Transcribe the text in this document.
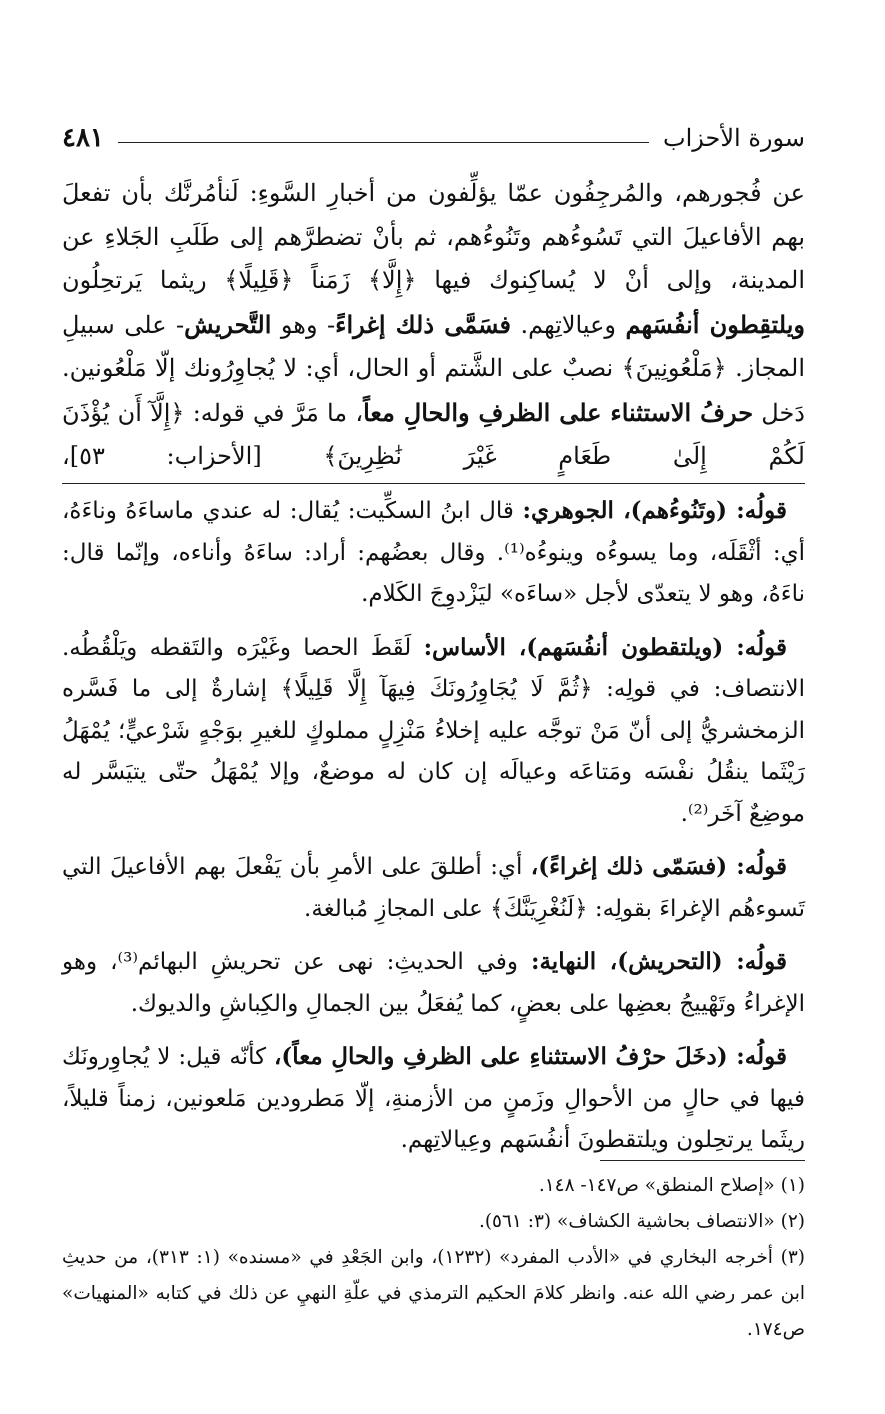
سورة الأحزاب
٤٨١

عن فُجورهم، والمُرجِفُون عمّا يؤلِّفون من أخبارِ السَّوءِ: لَنأمُرنَّك بأن تفعلَ بهم الأفاعيلَ التي تَسُوءُهم وتَنُوءُهم، ثم بأنْ تضطرَّهم إلى طَلَبِ الجَلاءِ عن المدينة، وإلى أنْ لا يُساكِنوك فيها ﴿إِلَّا﴾ زَمَناً ﴿قَلِيلًا﴾ ريثما يَرتحِلُون ويلتقِطون أنفُسَهم وعيالاتِهم. فسَمَّى ذلك إغراءً- وهو التَّحريش- على سبيلِ المجاز. ﴿مَلْعُونِينَ﴾ نصبٌ على الشَّتم أو الحال، أي: لا يُجاوِرُونك إلّا مَلْعُونين. دَخل حرفُ الاستثناء على الظرفِ والحالِ معاً، ما مَرَّ في قوله: ﴿إِلَّآ أَن يُؤْذَنَ لَكُمْ إِلَىٰ طَعَامٍ غَيْرَ نَٰظِرِينَ﴾ [الأحزاب: ٥٣]،

قولُه: (وتَنُوءُهم)، الجوهري: قال ابنُ السكِّيت: يُقال: له عندي ماساءَهُ وناءَهُ، أي: أثْقَلَه، وما يسوءُه وينوءُه⁽¹⁾. وقال بعضُهم: أراد: ساءَهُ وأناءه، وإنّما قال: ناءَهُ، وهو لا يتعدّى لأجل «ساءَه» ليَزْدوِجَ الكَلام.

قولُه: (ويلتقطون أنفُسَهم)، الأساس: لَقَطَ الحصا وغَيْرَه والتَقطه ويَلْقُطُه. الانتصاف: في قولِه: ﴿ثُمَّ لَا يُجَاوِرُونَكَ فِيهَآ إِلَّا قَلِيلًا﴾ إشارةٌ إلى ما فَسَّره الزمخشريُّ إلى أنّ مَنْ توجَّه عليه إخلاءُ مَنْزِلٍ مملوكٍ للغيرِ بوَجْهٍ شَرْعيٍّ؛ يُمْهَلُ رَيْثَما ينقُلُ نفْسَه ومَتاعَه وعيالَه إن كان له موضعٌ، وإلا يُمْهَلُ حتّى يتيَسَّر له موضِعٌ آخَر⁽²⁾.

قولُه: (فسَمّى ذلك إغراءً)، أي: أطلقَ على الأمرِ بأن يَفْعلَ بهم الأفاعيلَ التي تَسوءهُم الإغراءَ بقولِه: ﴿لَنُغْرِيَنَّكَ﴾ على المجازِ مُبالغة.

قولُه: (التحريش)، النهاية: وفي الحديثِ: نهى عن تحريشِ البهائم⁽³⁾، وهو الإغراءُ وتَهْييجُ بعضِها على بعضٍ، كما يُفعَلُ بين الجمالِ والكِباشِ والديوك.

قولُه: (دخَلَ حرْفُ الاستثناءِ على الظرفِ والحالِ معاً)، كأنّه قيل: لا يُجاوِرونَك فيها في حالٍ من الأحوالِ وزَمنٍ من الأزمنةِ، إلّا مَطرودين مَلعونين، زمناً قليلاً، ريثَما يرتحِلون ويلتقطونَ أنفُسَهم وعِيالاتِهم.

(١) «إصلاح المنطق» ص١٤٧- ١٤٨.

(٢) «الانتصاف بحاشية الكشاف» (٣: ٥٦١).

(٣) أخرجه البخاري في «الأدب المفرد» (١٢٣٢)، وابن الجَعْدِ في «مسنده» (١: ٣١٣)، من حديثِ ابن عمر رضي الله عنه. وانظر كلامَ الحكيم الترمذي في علّةِ النهيِ عن ذلك في كتابه «المنهيات» ص١٧٤.
